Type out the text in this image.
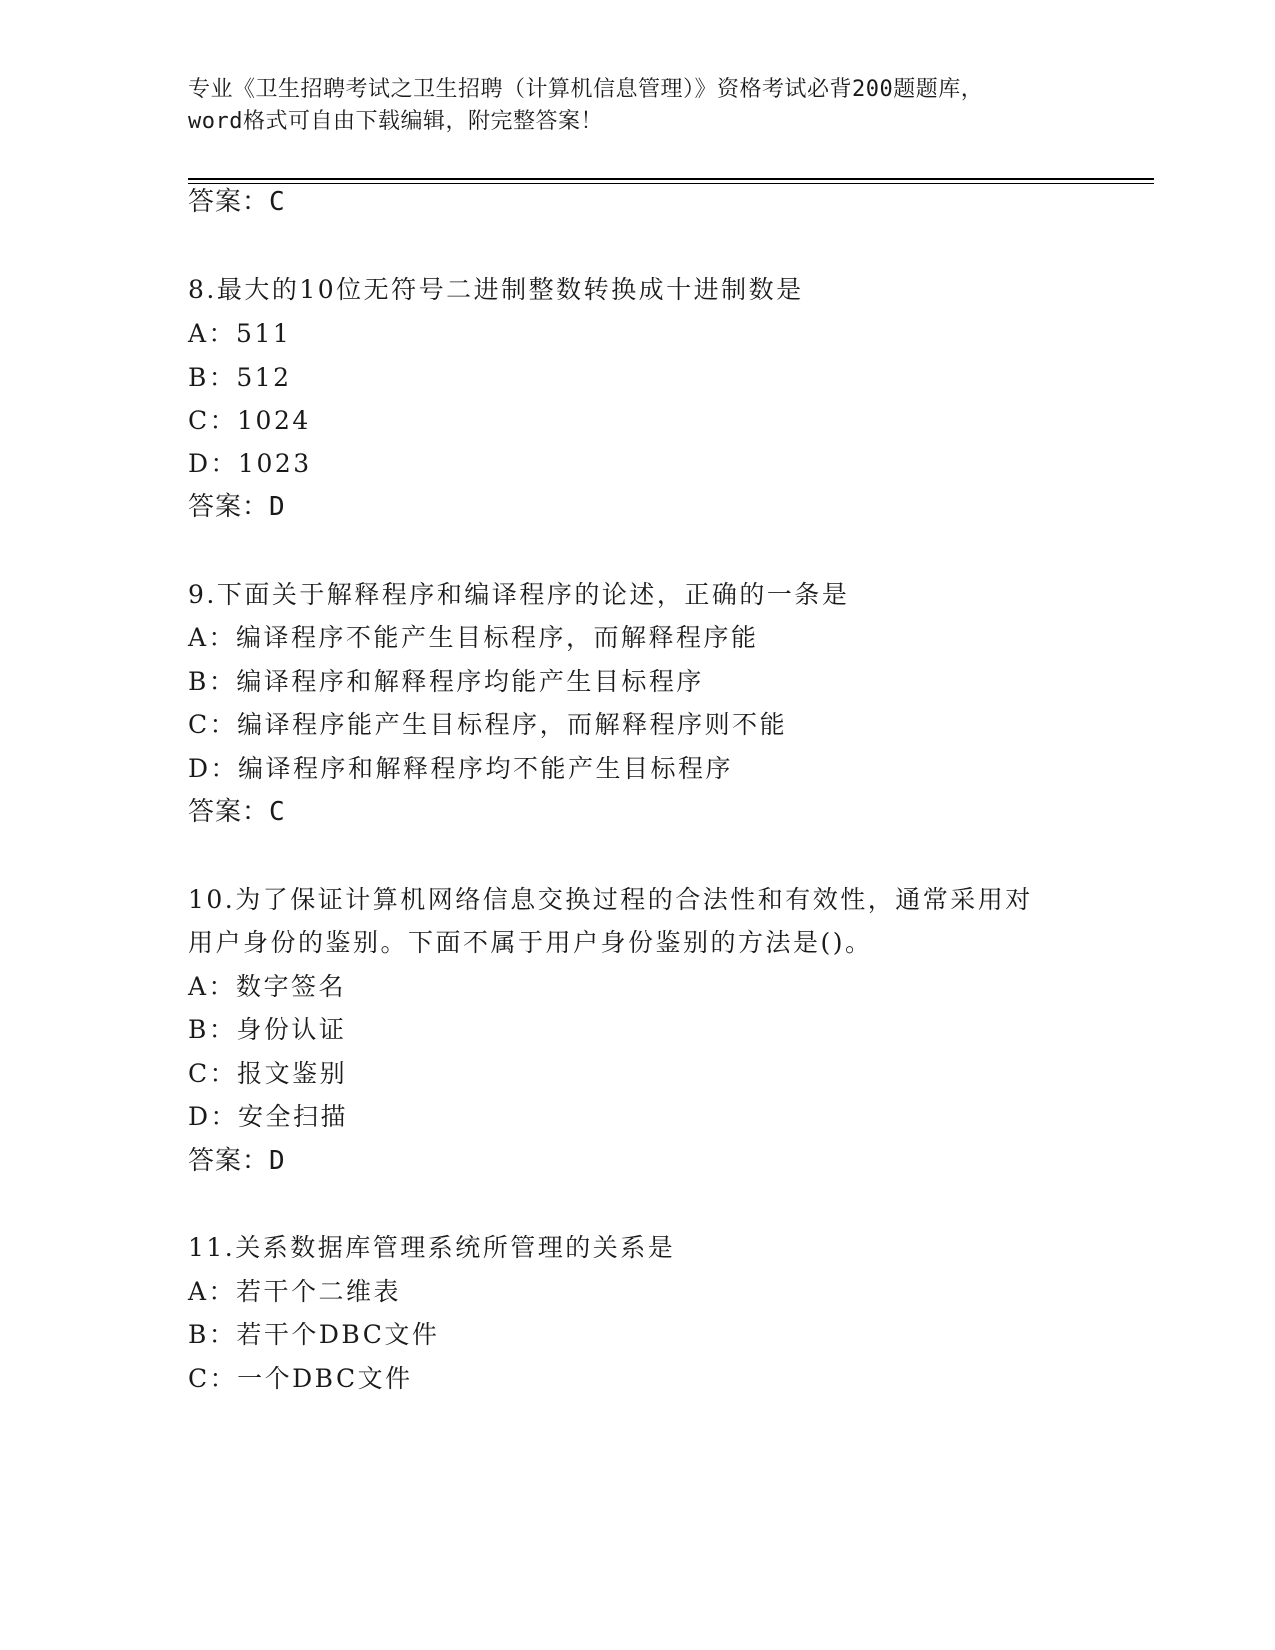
专业《卫生招聘考试之卫生招聘（计算机信息管理）》资格考试必背200题题库，
word格式可自由下载编辑，附完整答案！
答案：C
8.最大的10位无符号二进制整数转换成十进制数是
A：511
B：512
C：1024
D：1023
答案：D
9.下面关于解释程序和编译程序的论述，正确的一条是
A：编译程序不能产生目标程序，而解释程序能
B：编译程序和解释程序均能产生目标程序
C：编译程序能产生目标程序，而解释程序则不能
D：编译程序和解释程序均不能产生目标程序
答案：C
10.为了保证计算机网络信息交换过程的合法性和有效性，通常采用对
用户身份的鉴别。下面不属于用户身份鉴别的方法是()。
A：数字签名
B：身份认证
C：报文鉴别
D：安全扫描
答案：D
11.关系数据库管理系统所管理的关系是
A：若干个二维表
B：若干个DBC文件
C：一个DBC文件
